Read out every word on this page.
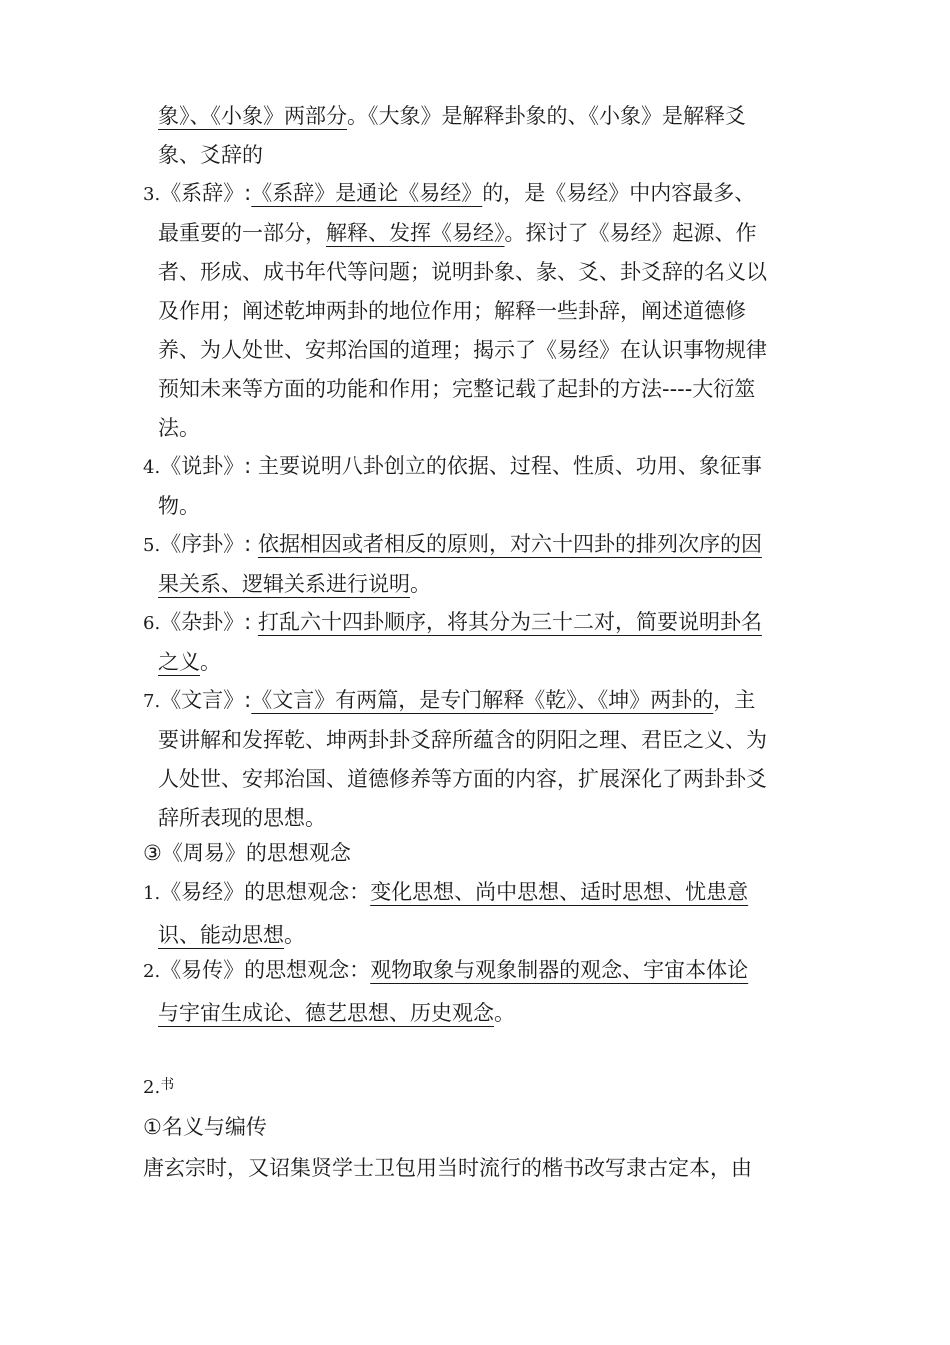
象》、《小象》两部分。《大象》是解释卦象的、《小象》是解释爻
象、爻辞的
3.《系辞》:《系辞》是通论《易经》的，是《易经》中内容最多、
最重要的一部分，解释、发挥《易经》。探讨了《易经》起源、作
者、形成、成书年代等问题；说明卦象、彖、爻、卦爻辞的名义以
及作用；阐述乾坤两卦的地位作用；解释一些卦辞，阐述道德修
养、为人处世、安邦治国的道理；揭示了《易经》在认识事物规律
预知未来等方面的功能和作用；完整记载了起卦的方法----大衍筮
法。
4.《说卦》: 主要说明八卦创立的依据、过程、性质、功用、象征事
物。
5.《序卦》: 依据相因或者相反的原则，对六十四卦的排列次序的因
果关系、逻辑关系进行说明。
6.《杂卦》: 打乱六十四卦顺序，将其分为三十二对，简要说明卦名
之义。
7.《文言》:《文言》有两篇，是专门解释《乾》、《坤》两卦的，主
要讲解和发挥乾、坤两卦卦爻辞所蕴含的阴阳之理、君臣之义、为
人处世、安邦治国、道德修养等方面的内容，扩展深化了两卦卦爻
辞所表现的思想。
③《周易》的思想观念
1.《易经》的思想观念：变化思想、尚中思想、适时思想、忧患意
识、能动思想。
2.《易传》的思想观念：观物取象与观象制器的观念、宇宙本体论
与宇宙生成论、德艺思想、历史观念。
2.书
①名义与编传
唐玄宗时，又诏集贤学士卫包用当时流行的楷书改写隶古定本，由
